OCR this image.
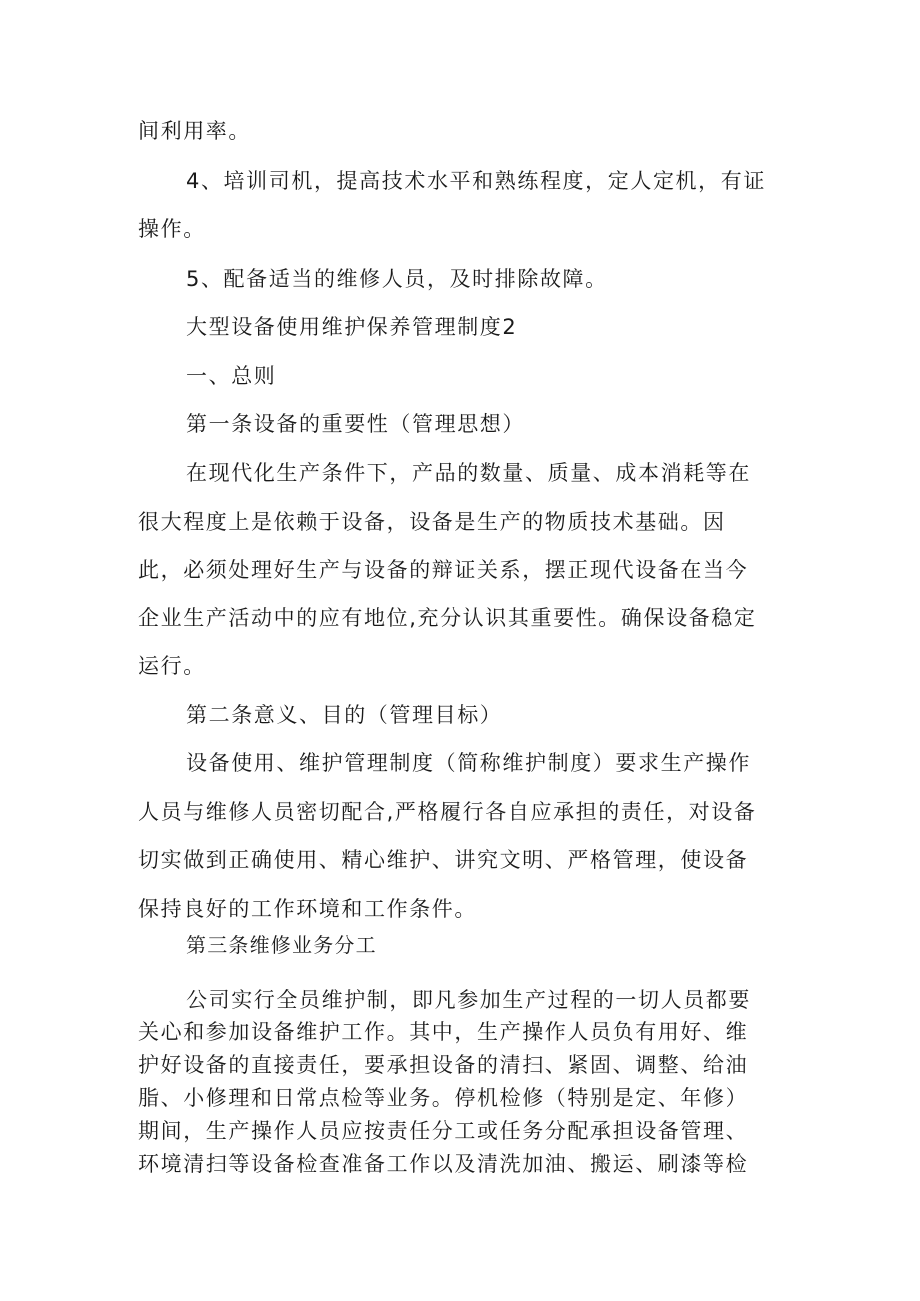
间利用率。
4、培训司机，提高技术水平和熟练程度，定人定机，有证
操作。
5、配备适当的维修人员，及时排除故障。
大型设备使用维护保养管理制度2
一、总则
第一条设备的重要性（管理思想）
在现代化生产条件下，产品的数量、质量、成本消耗等在
很大程度上是依赖于设备，设备是生产的物质技术基础。因
此，必须处理好生产与设备的辩证关系，摆正现代设备在当今
企业生产活动中的应有地位,充分认识其重要性。确保设备稳定
运行。
第二条意义、目的（管理目标）
设备使用、维护管理制度（简称维护制度）要求生产操作
人员与维修人员密切配合,严格履行各自应承担的责任，对设备
切实做到正确使用、精心维护、讲究文明、严格管理，使设备
保持良好的工作环境和工作条件。
第三条维修业务分工
公司实行全员维护制，即凡参加生产过程的一切人员都要
关心和参加设备维护工作。其中，生产操作人员负有用好、维
护好设备的直接责任，要承担设备的清扫、紧固、调整、给油
脂、小修理和日常点检等业务。停机检修（特别是定、年修）
期间，生产操作人员应按责任分工或任务分配承担设备管理、
环境清扫等设备检查准备工作以及清洗加油、搬运、刷漆等检
